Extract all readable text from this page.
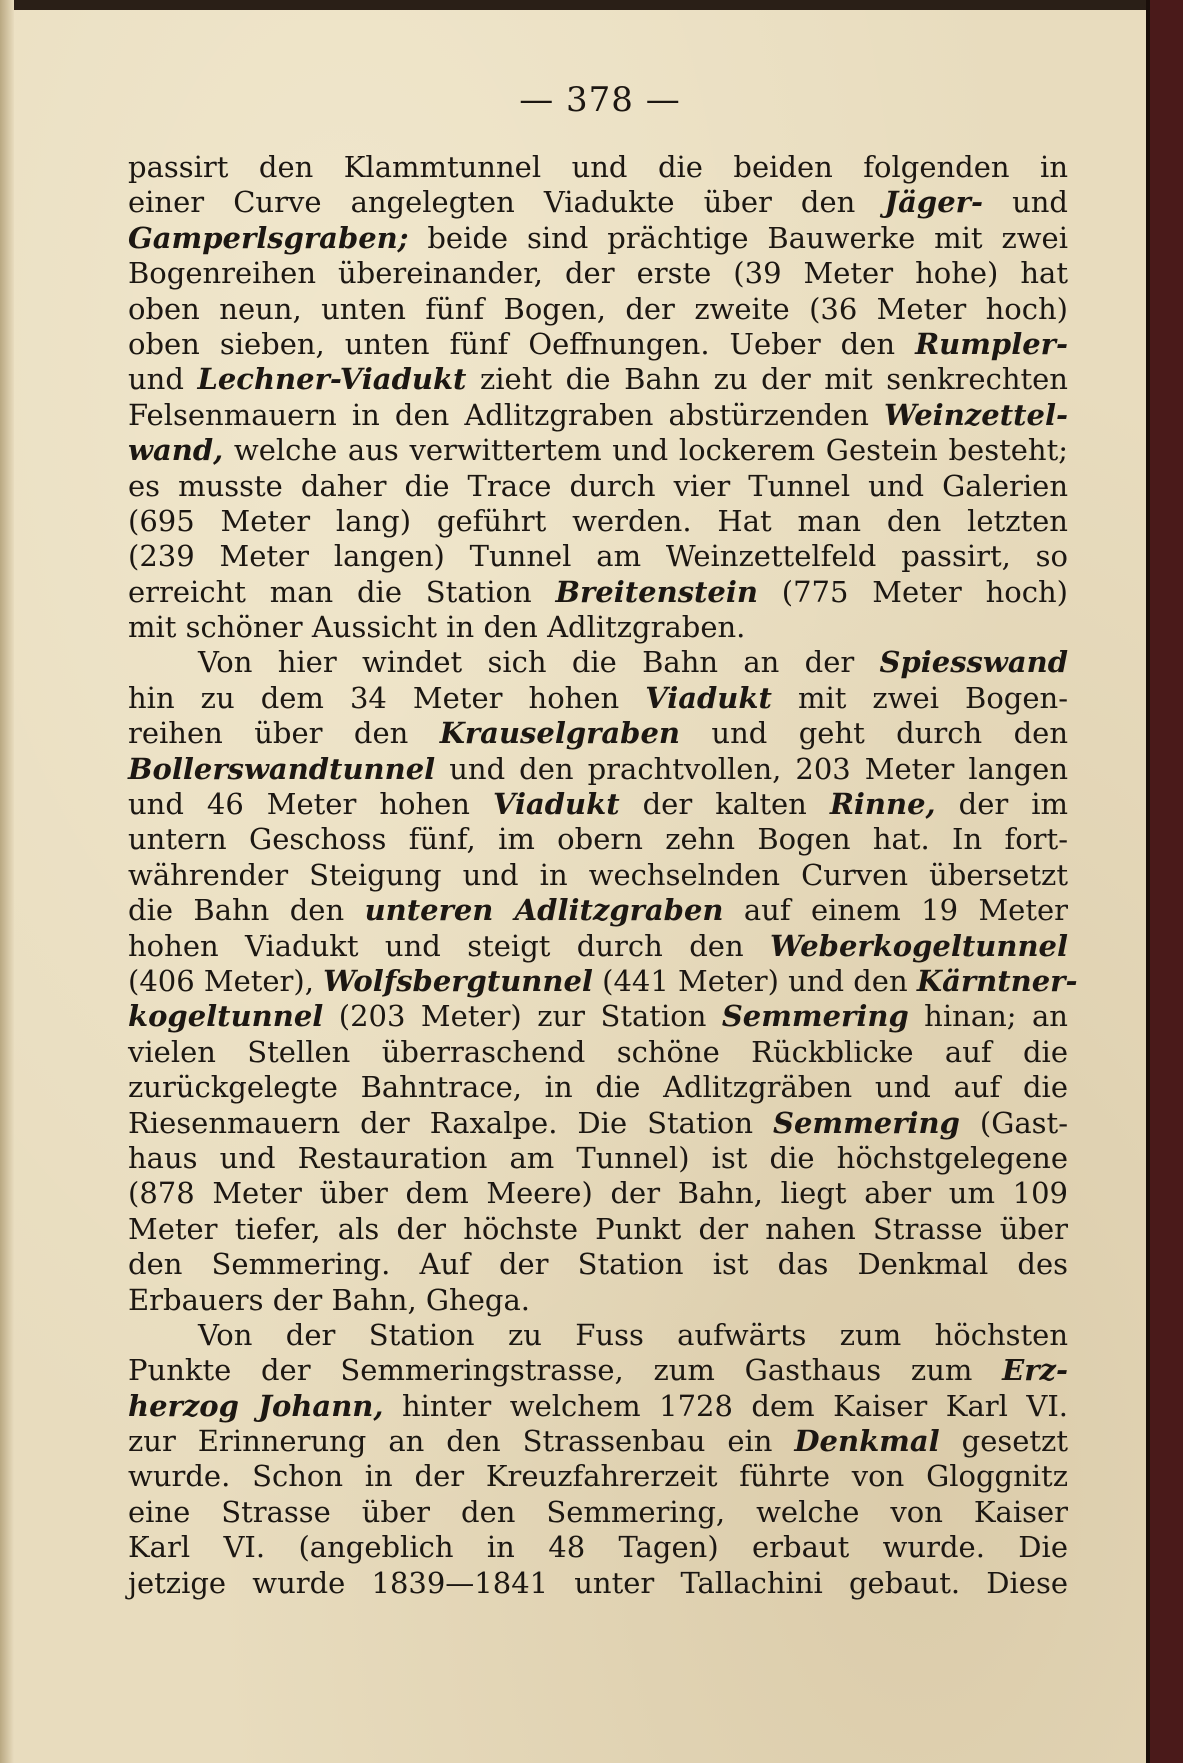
— 378 —
passirt den Klammtunnel und die beiden folgenden in
einer Curve angelegten Viadukte über den Jäger- und
Gamperlsgraben; beide sind prächtige Bauwerke mit zwei
Bogenreihen übereinander, der erste (39 Meter hohe) hat
oben neun, unten fünf Bogen, der zweite (36 Meter hoch)
oben sieben, unten fünf Oeffnungen. Ueber den Rumpler-
und Lechner-Viadukt zieht die Bahn zu der mit senkrechten
Felsenmauern in den Adlitzgraben abstürzenden Weinzettel-
wand, welche aus verwittertem und lockerem Gestein besteht;
es musste daher die Trace durch vier Tunnel und Galerien
(695 Meter lang) geführt werden. Hat man den letzten
(239 Meter langen) Tunnel am Weinzettelfeld passirt, so
erreicht man die Station Breitenstein (775 Meter hoch)
mit schöner Aussicht in den Adlitzgraben.
Von hier windet sich die Bahn an der Spiesswand
hin zu dem 34 Meter hohen Viadukt mit zwei Bogen-
reihen über den Krauselgraben und geht durch den
Bollerswandtunnel und den prachtvollen, 203 Meter langen
und 46 Meter hohen Viadukt der kalten Rinne, der im
untern Geschoss fünf, im obern zehn Bogen hat. In fort-
währender Steigung und in wechselnden Curven übersetzt
die Bahn den unteren Adlitzgraben auf einem 19 Meter
hohen Viadukt und steigt durch den Weberkogeltunnel
(406 Meter), Wolfsbergtunnel (441 Meter) und den Kärntner-
kogeltunnel (203 Meter) zur Station Semmering hinan; an
vielen Stellen überraschend schöne Rückblicke auf die
zurückgelegte Bahntrace, in die Adlitzgräben und auf die
Riesenmauern der Raxalpe. Die Station Semmering (Gast-
haus und Restauration am Tunnel) ist die höchstgelegene
(878 Meter über dem Meere) der Bahn, liegt aber um 109
Meter tiefer, als der höchste Punkt der nahen Strasse über
den Semmering. Auf der Station ist das Denkmal des
Erbauers der Bahn, Ghega.
Von der Station zu Fuss aufwärts zum höchsten
Punkte der Semmeringstrasse, zum Gasthaus zum Erz-
herzog Johann, hinter welchem 1728 dem Kaiser Karl VI.
zur Erinnerung an den Strassenbau ein Denkmal gesetzt
wurde. Schon in der Kreuzfahrerzeit führte von Gloggnitz
eine Strasse über den Semmering, welche von Kaiser
Karl VI. (angeblich in 48 Tagen) erbaut wurde. Die
jetzige wurde 1839—1841 unter Tallachini gebaut. Diese
